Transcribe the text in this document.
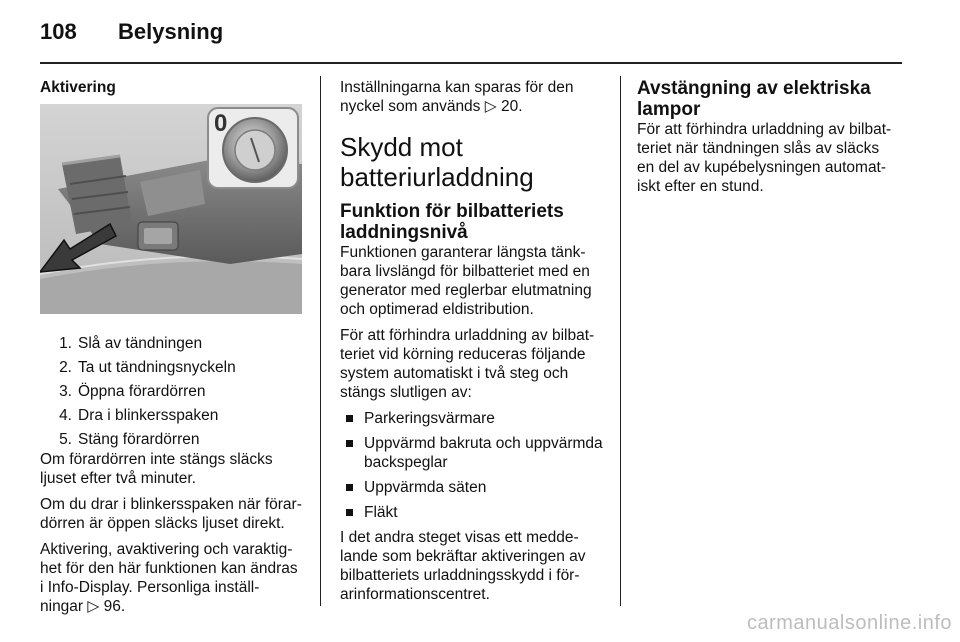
108 Belysning
Aktivering
0
1. Slå av tändningen
2. Ta ut tändningsnyckeln
3. Öppna förardörren
4. Dra i blinkersspaken
5. Stäng förardörren

Om förardörren inte stängs släcks
ljuset efter två minuter.

Om du drar i blinkersspaken när förar-
dörren är öppen släcks ljuset direkt.

Aktivering, avaktivering och varaktig-
het för den här funktionen kan ändras
i Info-Display. Personliga inställ-
ningar ▷ 96.

Inställningarna kan sparas för den
nyckel som används ▷ 20.

Skydd mot
batteriurladdning
Funktion för bilbatteriets
laddningsnivå

Funktionen garanterar längsta tänk-
bara livslängd för bilbatteriet med en
generator med reglerbar elutmatning
och optimerad eldistribution.

För att förhindra urladdning av bilbat-
teriet vid körning reduceras följande
system automatiskt i två steg och
stängs slutligen av:

Parkeringsvärmare
Uppvärmd bakruta och uppvärmda
backspeglar
Uppvärmda säten
Fläkt

I det andra steget visas ett medde-
lande som bekräftar aktiveringen av
bilbatteriets urladdningsskydd i för-
arinformationscentret.

Avstängning av elektriska
lampor

För att förhindra urladdning av bilbat-
teriet när tändningen slås av släcks
en del av kupébelysningen automat-
iskt efter en stund.

carmanualsonline.info
